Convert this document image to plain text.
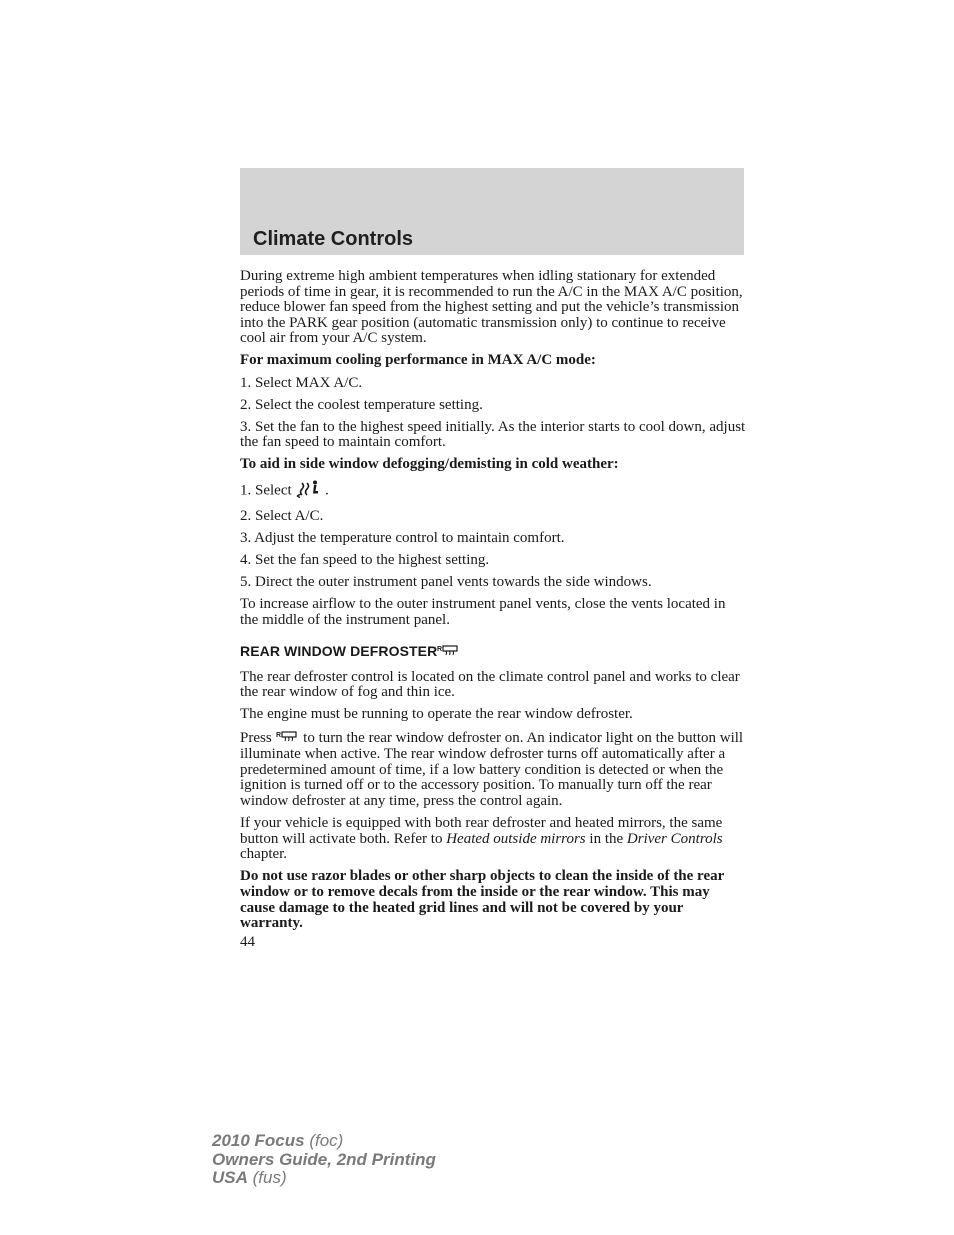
Climate Controls

During extreme high ambient temperatures when idling stationary for extended periods of time in gear, it is recommended to run the A/C in the MAX A/C position, reduce blower fan speed from the highest setting and put the vehicle’s transmission into the PARK gear position (automatic transmission only) to continue to receive cool air from your A/C system.

For maximum cooling performance in MAX A/C mode:

1. Select MAX A/C.

2. Select the coolest temperature setting.

3. Set the fan to the highest speed initially. As the interior starts to cool down, adjust the fan speed to maintain comfort.

To aid in side window defogging/demisting in cold weather:

1. Select .

2. Select A/C.

3. Adjust the temperature control to maintain comfort.

4. Set the fan speed to the highest setting.

5. Direct the outer instrument panel vents towards the side windows.

To increase airflow to the outer instrument panel vents, close the vents located in the middle of the instrument panel.

REAR WINDOW DEFROSTER R

The rear defroster control is located on the climate control panel and works to clear the rear window of fog and thin ice.

The engine must be running to operate the rear window defroster.

Press R to turn the rear window defroster on. An indicator light on the button will illuminate when active. The rear window defroster turns off automatically after a predetermined amount of time, if a low battery condition is detected or when the ignition is turned off or to the accessory position. To manually turn off the rear window defroster at any time, press the control again.

If your vehicle is equipped with both rear defroster and heated mirrors, the same button will activate both. Refer to Heated outside mirrors in the Driver Controls chapter.

Do not use razor blades or other sharp objects to clean the inside of the rear window or to remove decals from the inside or the rear window. This may cause damage to the heated grid lines and will not be covered by your warranty.

44

2010 Focus (foc)
Owners Guide, 2nd Printing
USA (fus)
